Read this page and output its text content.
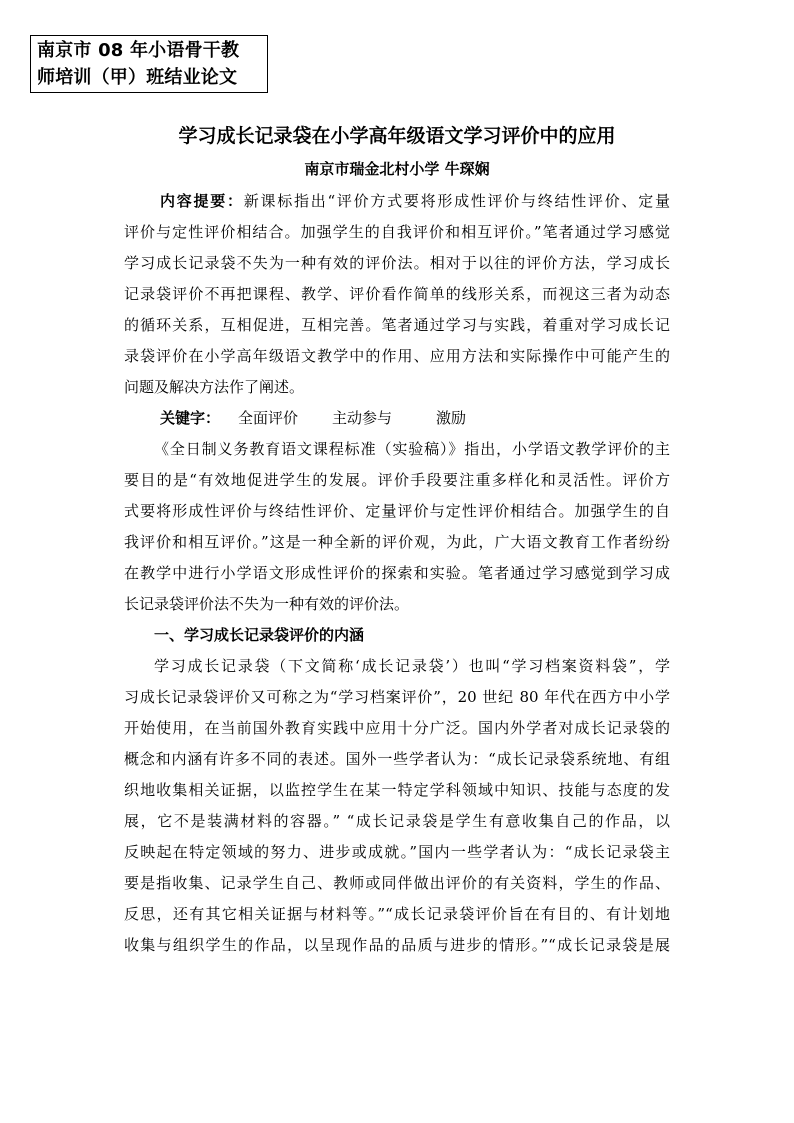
南京市 08 年小语骨干教
师培训（甲）班结业论文
学习成长记录袋在小学高年级语文学习评价中的应用
南京市瑞金北村小学 牛琛娴
内容提要：新课标指出“评价方式要将形成性评价与终结性评价、定量
评价与定性评价相结合。加强学生的自我评价和相互评价。”笔者通过学习感觉
学习成长记录袋不失为一种有效的评价法。相对于以往的评价方法，学习成长
记录袋评价不再把课程、教学、评价看作简单的线形关系，而视这三者为动态
的循环关系，互相促进，互相完善。笔者通过学习与实践，着重对学习成长记
录袋评价在小学高年级语文教学中的作用、应用方法和实际操作中可能产生的
问题及解决方法作了阐述。
关键字： 全面评价 主动参与	激励
《全日制义务教育语文课程标准（实验稿）》指出，小学语文教学评价的主
要目的是“有效地促进学生的发展。评价手段要注重多样化和灵活性。评价方
式要将形成性评价与终结性评价、定量评价与定性评价相结合。加强学生的自
我评价和相互评价。”这是一种全新的评价观，为此，广大语文教育工作者纷纷
在教学中进行小学语文形成性评价的探索和实验。笔者通过学习感觉到学习成
长记录袋评价法不失为一种有效的评价法。
一、学习成长记录袋评价的内涵
学习成长记录袋（下文简称‘成长记录袋’）也叫“学习档案资料袋”，学
习成长记录袋评价又可称之为“学习档案评价”，20 世纪 80 年代在西方中小学
开始使用，在当前国外教育实践中应用十分广泛。国内外学者对成长记录袋的
概念和内涵有许多不同的表述。国外一些学者认为：“成长记录袋系统地、有组
织地收集相关证据，以监控学生在某一特定学科领域中知识、技能与态度的发
展，它不是装满材料的容器。” “成长记录袋是学生有意收集自己的作品，以
反映起在特定领域的努力、进步或成就。”国内一些学者认为：“成长记录袋主
要是指收集、记录学生自己、教师或同伴做出评价的有关资料，学生的作品、
反思，还有其它相关证据与材料等。”“成长记录袋评价旨在有目的、有计划地
收集与组织学生的作品，以呈现作品的品质与进步的情形。”“成长记录袋是展
